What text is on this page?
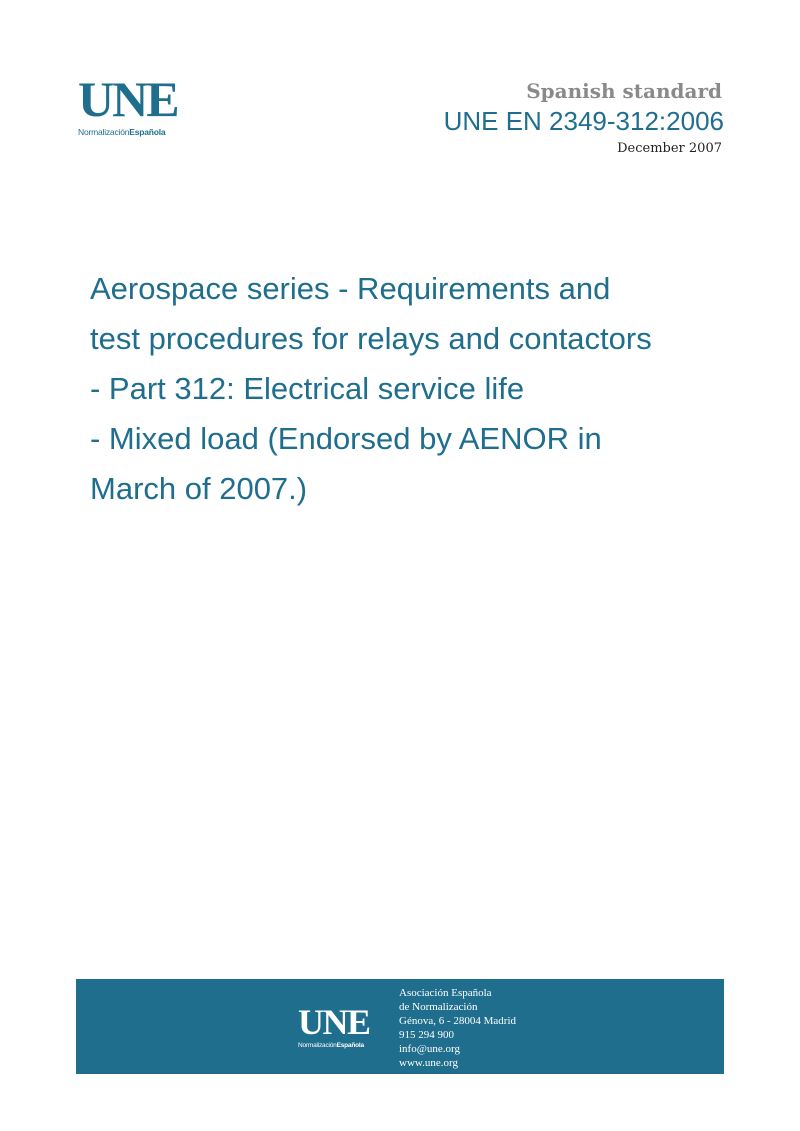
UNE
NormalizaciónEspañola
Spanish standard
UNE EN 2349-312:2006
December 2007
Aerospace series - Requirements and
test procedures for relays and contactors
- Part 312: Electrical service life
- Mixed load (Endorsed by AENOR in
March of 2007.)
UNE
NormalizaciónEspañola
Asociación Española
de Normalización
Génova, 6 - 28004 Madrid
915 294 900
info@une.org
www.une.org
